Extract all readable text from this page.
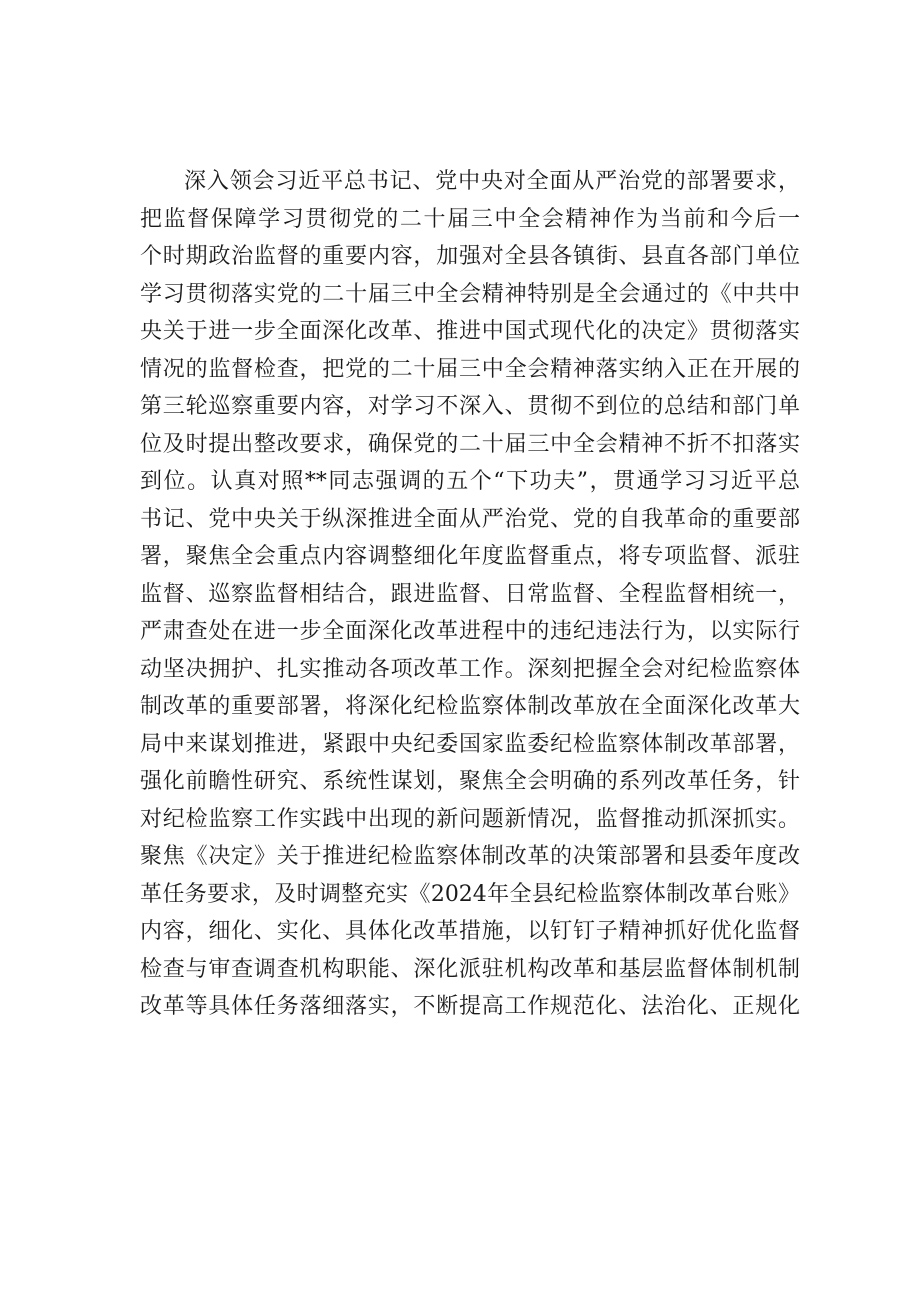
深入领会习近平总书记、党中央对全面从严治党的部署要求，
把监督保障学习贯彻党的二十届三中全会精神作为当前和今后一
个时期政治监督的重要内容，加强对全县各镇街、县直各部门单位
学习贯彻落实党的二十届三中全会精神特别是全会通过的《中共中
央关于进一步全面深化改革、推进中国式现代化的决定》贯彻落实
情况的监督检查，把党的二十届三中全会精神落实纳入正在开展的
第三轮巡察重要内容，对学习不深入、贯彻不到位的总结和部门单
位及时提出整改要求，确保党的二十届三中全会精神不折不扣落实
到位。认真对照**同志强调的五个“下功夫”，贯通学习习近平总
书记、党中央关于纵深推进全面从严治党、党的自我革命的重要部
署，聚焦全会重点内容调整细化年度监督重点，将专项监督、派驻
监督、巡察监督相结合，跟进监督、日常监督、全程监督相统一，
严肃查处在进一步全面深化改革进程中的违纪违法行为，以实际行
动坚决拥护、扎实推动各项改革工作。深刻把握全会对纪检监察体
制改革的重要部署，将深化纪检监察体制改革放在全面深化改革大
局中来谋划推进，紧跟中央纪委国家监委纪检监察体制改革部署，
强化前瞻性研究、系统性谋划，聚焦全会明确的系列改革任务，针
对纪检监察工作实践中出现的新问题新情况，监督推动抓深抓实。
聚焦《决定》关于推进纪检监察体制改革的决策部署和县委年度改
革任务要求，及时调整充实《2024年全县纪检监察体制改革台账》
内容，细化、实化、具体化改革措施，以钉钉子精神抓好优化监督
检查与审查调查机构职能、深化派驻机构改革和基层监督体制机制
改革等具体任务落细落实，不断提高工作规范化、法治化、正规化
